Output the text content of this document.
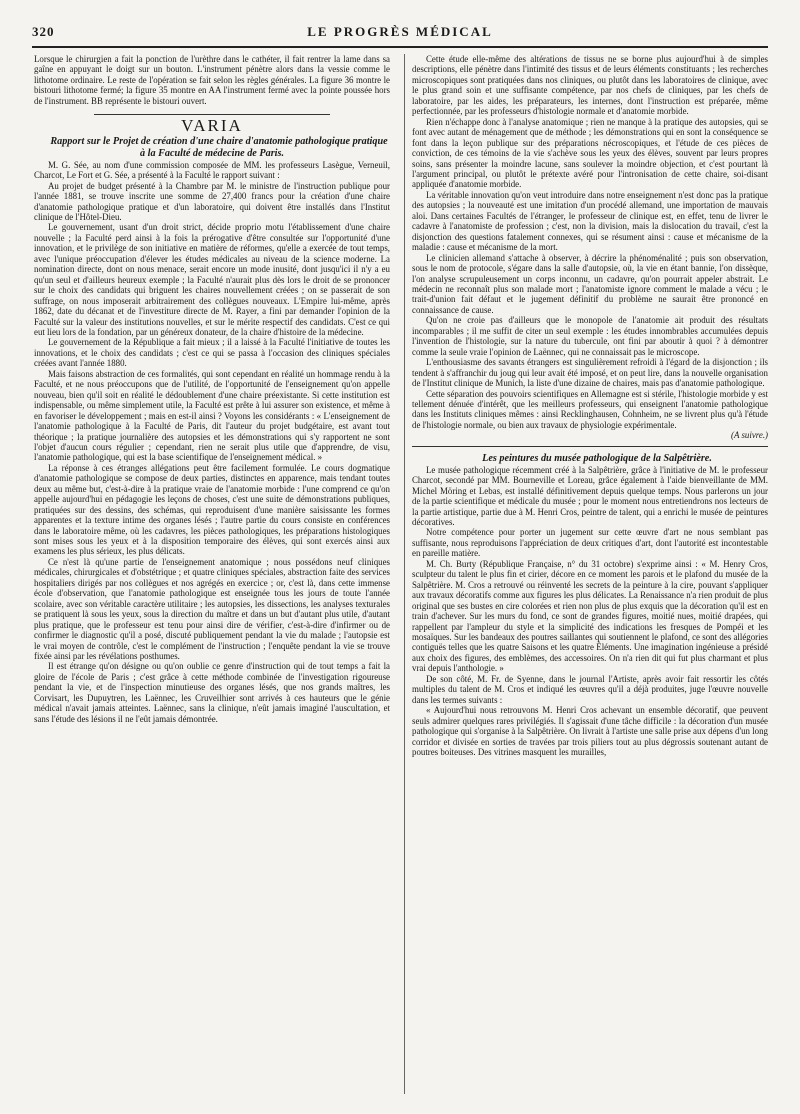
320	LE PROGRÈS MÉDICAL

Lorsque le chirurgien a fait la ponction de l'urèthre dans le cathéter, il fait rentrer la lame dans sa gaîne en appuyant le doigt sur un bouton. L'instrument pénètre alors dans la vessie comme le lithotome ordinaire. Le reste de l'opération se fait selon les règles générales. La figure 36 montre le bistouri lithotome fermé; la figure 35 montre en AA l'instrument fermé avec la pointe poussée hors de l'instrument. BB représente le bistouri ouvert.

VARIA

Rapport sur le Projet de création d'une chaire d'anatomie pathologique pratique à la Faculté de médecine de Paris.

M. G. Sée, au nom d'une commission composée de MM. les professeurs Lasègue, Verneuil, Charcot, Le Fort et G. Sée, a présenté à la Faculté le rapport suivant :

Au projet de budget présenté à la Chambre par M. le ministre de l'instruction publique pour l'année 1881, se trouve inscrite une somme de 27,400 francs pour la création d'une chaire d'anatomie pathologique pratique et d'un laboratoire, qui doivent être installés dans l'Institut clinique de l'Hôtel-Dieu.

Le gouvernement, usant d'un droit strict, décide proprio motu l'établissement d'une chaire nouvelle ; la Faculté perd ainsi à la fois la prérogative d'être consultée sur l'opportunité d'une innovation, et le privilège de son initiative en matière de réformes, qu'elle a exercée de tout temps, avec l'unique préoccupation d'élever les études médicales au niveau de la science moderne. La nomination directe, dont on nous menace, serait encore un mode inusité, dont jusqu'ici il n'y a eu qu'un seul et d'ailleurs heureux exemple ; la Faculté n'aurait plus dès lors le droit de se prononcer sur le choix des candidats qui briguent les chaires nouvellement créées ; on se passerait de son suffrage, on nous imposerait arbitrairement des collègues nouveaux. L'Empire lui-même, après 1862, date du décanat et de l'investiture directe de M. Rayer, a fini par demander l'opinion de la Faculté sur la valeur des institutions nouvelles, et sur le mérite respectif des candidats. C'est ce qui eut lieu lors de la fondation, par un généreux donateur, de la chaire d'histoire de la médecine.

Le gouvernement de la République a fait mieux ; il a laissé à la Faculté l'initiative de toutes les innovations, et le choix des candidats ; c'est ce qui se passa à l'occasion des cliniques spéciales créées avant l'année 1880.

Mais faisons abstraction de ces formalités, qui sont cependant en réalité un hommage rendu à la Faculté, et ne nous préoccupons que de l'utilité, de l'opportunité de l'enseignement qu'on appelle nouveau, bien qu'il soit en réalité le dédoublement d'une chaire préexistante. Si cette institution est indispensable, ou même simplement utile, la Faculté est prête à lui assurer son existence, et même à en favoriser le développement ; mais en est-il ainsi ? Voyons les considérants : « L'enseignement de l'anatomie pathologique à la Faculté de Paris, dit l'auteur du projet budgétaire, est avant tout théorique ; la pratique journalière des autopsies et les démonstrations qui s'y rapportent ne sont l'objet d'aucun cours régulier ; cependant, rien ne serait plus utile que d'apprendre, de visu, l'anatomie pathologique, qui est la base scientifique de l'enseignement médical. »

La réponse à ces étranges allégations peut être facilement formulée. Le cours dogmatique d'anatomie pathologique se compose de deux parties, distinctes en apparence, mais tendant toutes deux au même but, c'est-à-dire à la pratique vraie de l'anatomie morbide : l'une comprend ce qu'on appelle aujourd'hui en pédagogie les leçons de choses, c'est une suite de démonstrations publiques, pratiquées sur des dessins, des schémas, qui reproduisent d'une manière saisissante les formes apparentes et la texture intime des organes lésés ; l'autre partie du cours consiste en conférences dans le laboratoire même, où les cadavres, les pièces pathologiques, les préparations histologiques sont mises sous les yeux et à la disposition temporaire des élèves, qui sont exercés ainsi aux examens les plus sérieux, les plus délicats.

Ce n'est là qu'une partie de l'enseignement anatomique ; nous possédons neuf cliniques médicales, chirurgicales et d'obstétrique ; et quatre cliniques spéciales, abstraction faite des services hospitaliers dirigés par nos collègues et nos agrégés en exercice ; or, c'est là, dans cette immense école d'observation, que l'anatomie pathologique est enseignée tous les jours de toute l'année scolaire, avec son véritable caractère utilitaire ; les autopsies, les dissections, les analyses texturales se pratiquent là sous les yeux, sous la direction du maître et dans un but d'autant plus utile, d'autant plus pratique, que le professeur est tenu pour ainsi dire de vérifier, c'est-à-dire d'infirmer ou de confirmer le diagnostic qu'il a posé, discuté publiquement pendant la vie du malade ; l'autopsie est le vrai moyen de contrôle, c'est le complément de l'instruction ; l'enquête pendant la vie se trouve fixée ainsi par les révélations posthumes.

Il est étrange qu'on désigne ou qu'on oublie ce genre d'instruction qui de tout temps a fait la gloire de l'école de Paris ; c'est grâce à cette méthode combinée de l'investigation rigoureuse pendant la vie, et de l'inspection minutieuse des organes lésés, que nos grands maîtres, les Corvisart, les Dupuytren, les Laënnec, les Cruveilhier sont arrivés à ces hauteurs que le génie médical n'avait jamais atteintes. Laënnec, sans la clinique, n'eût jamais imaginé l'auscultation, et sans l'étude des lésions il ne l'eût jamais démontrée.

Cette étude elle-même des altérations de tissus ne se borne plus aujourd'hui à de simples descriptions, elle pénètre dans l'intimité des tissus et de leurs éléments constituants ; les recherches microscopiques sont pratiquées dans nos cliniques, ou plutôt dans les laboratoires de clinique, avec le plus grand soin et une suffisante compétence, par nos chefs de cliniques, par les chefs de laboratoire, par les aides, les préparateurs, les internes, dont l'instruction est préparée, même perfectionnée, par les professeurs d'histologie normale et d'anatomie morbide.

Rien n'échappe donc à l'analyse anatomique ; rien ne manque à la pratique des autopsies, qui se font avec autant de ménagement que de méthode ; les démonstrations qui en sont la conséquence se font dans la leçon publique sur des préparations nécroscopiques, et l'étude de ces pièces de conviction, de ces témoins de la vie s'achève sous les yeux des élèves, souvent par leurs propres soins, sans présenter la moindre lacune, sans soulever la moindre objection, et c'est pourtant là l'argument principal, ou plutôt le prétexte avéré pour l'intronisation de cette chaire, soi-disant appliquée d'anatomie morbide.

La véritable innovation qu'on veut introduire dans notre enseignement n'est donc pas la pratique des autopsies ; la nouveauté est une imitation d'un procédé allemand, une importation de mauvais aloi. Dans certaines Facultés de l'étranger, le professeur de clinique est, en effet, tenu de livrer le cadavre à l'anatomiste de profession ; c'est, non la division, mais la dislocation du travail, c'est la disjonction des questions fatalement connexes, qui se résument ainsi : cause et mécanisme de la maladie : cause et mécanisme de la mort.

Le clinicien allemand s'attache à observer, à décrire la phénoménalité ; puis son observation, sous le nom de protocole, s'égare dans la salle d'autopsie, où, la vie en étant bannie, l'on dissèque, l'on analyse scrupuleusement un corps inconnu, un cadavre, qu'on pourrait appeler abstrait. Le médecin ne reconnaît plus son malade mort ; l'anatomiste ignore comment le malade a vécu ; le trait-d'union fait défaut et le jugement définitif du problème ne saurait être prononcé en connaissance de cause.

Qu'on ne croie pas d'ailleurs que le monopole de l'anatomie ait produit des résultats incomparables ; il me suffit de citer un seul exemple : les études innombrables accumulées depuis l'invention de l'histologie, sur la nature du tubercule, ont fini par aboutir à quoi ? à démontrer comme la seule vraie l'opinion de Laënnec, qui ne connaissait pas le microscope.

L'enthousiasme des savants étrangers est singulièrement refroidi à l'égard de la disjonction ; ils tendent à s'affranchir du joug qui leur avait été imposé, et on peut lire, dans la nouvelle organisation de l'Institut clinique de Munich, la liste d'une dizaine de chaires, mais pas d'anatomie pathologique.

Cette séparation des pouvoirs scientifiques en Allemagne est si stérile, l'histologie morbide y est tellement dénuée d'intérêt, que les meilleurs professeurs, qui enseignent l'anatomie pathologique dans les Instituts cliniques mêmes : ainsi Recklinghausen, Cohnheim, ne se livrent plus qu'à l'étude de l'histologie normale, ou bien aux travaux de physiologie expérimentale.

(A suivre.)

Les peintures du musée pathologique de la Salpêtrière.

Le musée pathologique récemment créé à la Salpêtrière, grâce à l'initiative de M. le professeur Charcot, secondé par MM. Bourneville et Loreau, grâce également à l'aide bienveillante de MM. Michel Möring et Lebas, est installé définitivement depuis quelque temps. Nous parlerons un jour de la partie scientifique et médicale du musée ; pour le moment nous entretiendrons nos lecteurs de la partie artistique, partie due à M. Henri Cros, peintre de talent, qui a enrichi le musée de peintures décoratives.

Notre compétence pour porter un jugement sur cette œuvre d'art ne nous semblant pas suffisante, nous reproduisons l'appréciation de deux critiques d'art, dont l'autorité est incontestable en pareille matière.

M. Ch. Burty (République Française, n° du 31 octobre) s'exprime ainsi : « M. Henry Cros, sculpteur du talent le plus fin et cirier, décore en ce moment les parois et le plafond du musée de la Salpêtrière. M. Cros a retrouvé ou réinventé les secrets de la peinture à la cire, pouvant s'appliquer aux travaux décoratifs comme aux figures les plus délicates. La Renaissance n'a rien produit de plus original que ses bustes en cire colorées et rien non plus de plus exquis que la décoration qu'il est en train d'achever. Sur les murs du fond, ce sont de grandes figures, moitié nues, moitié drapées, qui rappellent par l'ampleur du style et la simplicité des indications les fresques de Pompéi et les mosaïques. Sur les bandeaux des poutres saillantes qui soutiennent le plafond, ce sont des allégories contiguës telles que les quatre Saisons et les quatre Éléments. Une imagination ingénieuse a présidé aux choix des figures, des emblèmes, des accessoires. On n'a rien dit qui fut plus charmant et plus vrai depuis l'anthologie. »

De son côté, M. Fr. de Syenne, dans le journal l'Artiste, après avoir fait ressortir les côtés multiples du talent de M. Cros et indiqué les œuvres qu'il a déjà produites, juge l'œuvre nouvelle dans les termes suivants :

« Aujourd'hui nous retrouvons M. Henri Cros achevant un ensemble décoratif, que peuvent seuls admirer quelques rares privilégiés. Il s'agissait d'une tâche difficile : la décoration d'un musée pathologique qui s'organise à la Salpêtrière. On livrait à l'artiste une salle prise aux dépens d'un long corridor et divisée en sorties de travées par trois piliers tout au plus dégrossis soutenant autant de poutres boiteuses. Des vitrines masquent les murailles,
